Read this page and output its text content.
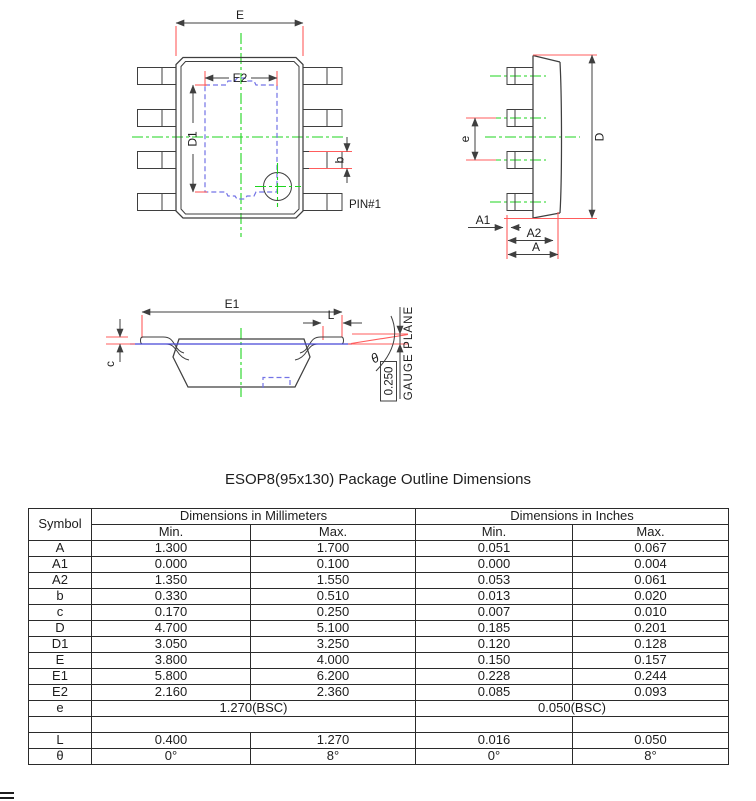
E
E2
D1
b
PIN#1
e	D
A1
A2
A
E1
L
c	θ
0.250 GAUGE PLANE
ESOP8(95x130) Package Outline Dimensions
Symbol	Dimensions in Millimeters		Dimensions in Inches	
	Min.	Max.	Min.	Max.
A	1.300	1.700	0.051	0.067
A1	0.000	0.100	0.000	0.004
A2	1.350	1.550	0.053	0.061
b	0.330	0.510	0.013	0.020
c	0.170	0.250	0.007	0.010
D	4.700	5.100	0.185	0.201
D1	3.050	3.250	0.120	0.128
E	3.800	4.000	0.150	0.157
E1	5.800	6.200	0.228	0.244
E2	2.160	2.360	0.085	0.093
e	1.270(BSC)		0.050(BSC)	

L	0.400	1.270	0.016	0.050
θ	0°	8°	0°	8°
